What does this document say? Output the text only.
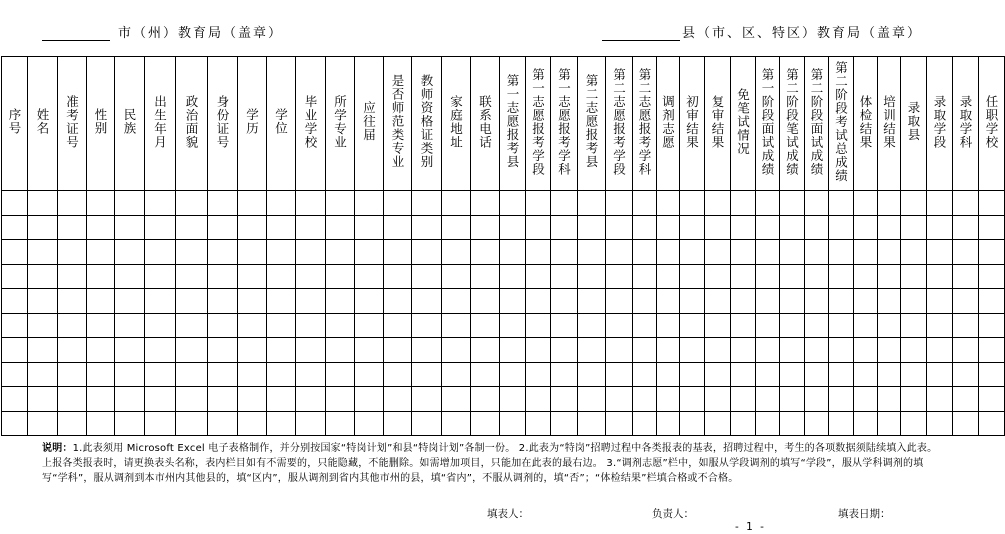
市（州）教育局（盖章）	县（市、区、特区）教育局（盖章）
序号	姓名	准考证号	性别	民族	出生年月	政治面貌	身份证号	学历	学位	毕业学校	所学专业	应往届	是否师范类专业	教师资格证类别	家庭地址	联系电话	第一志愿报考县	第一志愿报考学段	第一志愿报考学科	第二志愿报考县	第二志愿报考学段	第二志愿报考学科	调剂志愿	初审结果	复审结果	免笔试情况	第一阶段面试成绩	第二阶段笔试成绩	第二阶段面试成绩	第二阶段考试总成绩	体检结果	培训结果	录取县	录取学段	录取学科	任职学校

说明：1.此表须用 Microsoft Excel 电子表格制作，并分别按国家“特岗计划”和县“特岗计划”各制一份。 2.此表为“特岗”招聘过程中各类报表的基表，招聘过程中，考生的各项数据须陆续填入此表。上报各类报表时，请更换表头名称，表内栏目如有不需要的，只能隐藏，不能删除。如需增加项目，只能加在此表的最右边。 3.“调剂志愿”栏中，如服从学段调剂的填写“学段”，服从学科调剂的填写“学科”，服从调剂到本市州内其他县的，填“区内”，服从调剂到省内其他市州的县，填“省内”，不服从调剂的，填“否”；“体检结果”栏填合格或不合格。
填表人：	负责人：	填表日期：
- 1 -
